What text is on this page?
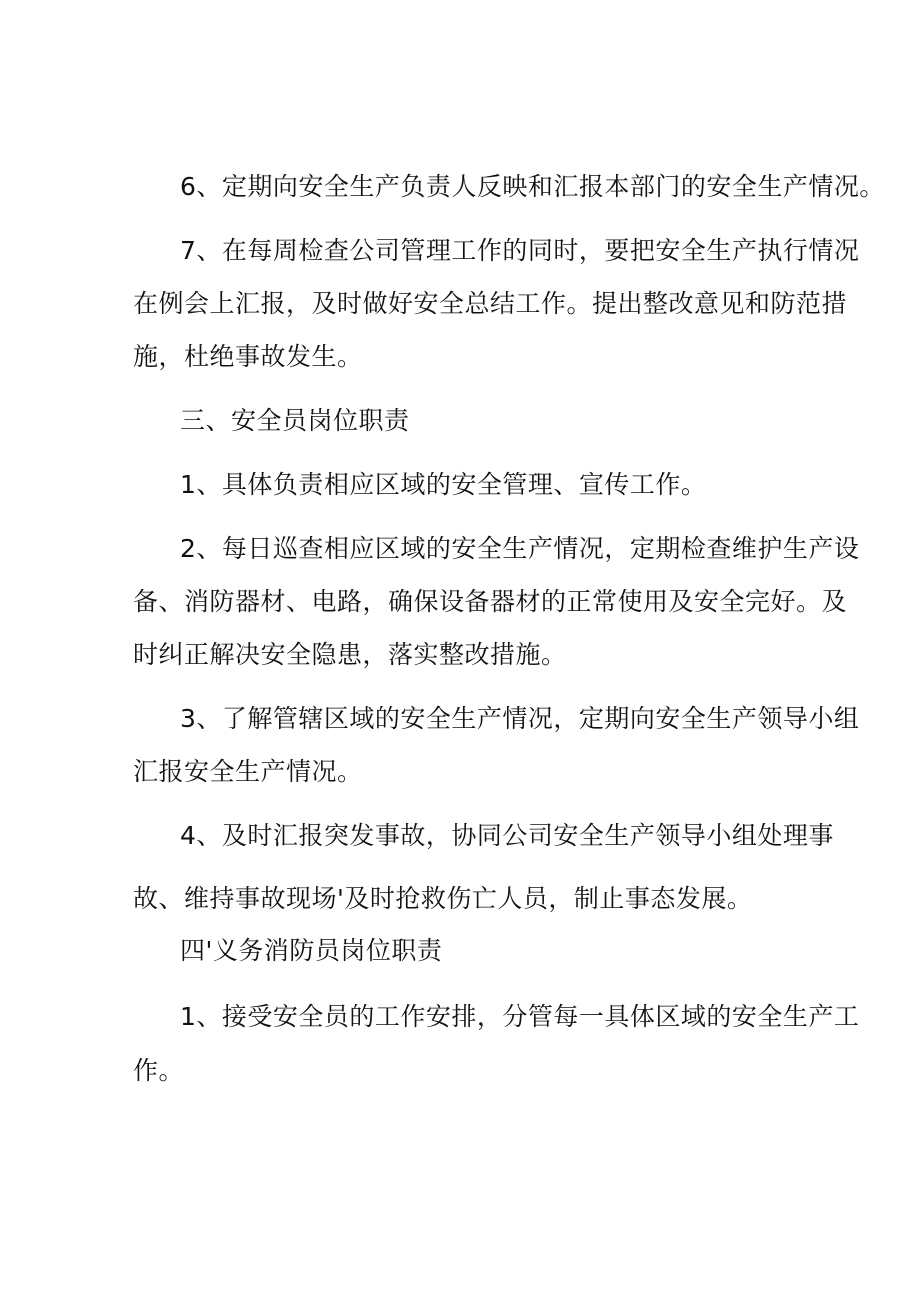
6、定期向安全生产负责人反映和汇报本部门的安全生产情况。
7、在每周检查公司管理工作的同时，要把安全生产执行情况
在例会上汇报，及时做好安全总结工作。提出整改意见和防范措
施，杜绝事故发生。
三、安全员岗位职责
1、具体负责相应区域的安全管理、宣传工作。
2、每日巡查相应区域的安全生产情况，定期检查维护生产设
备、消防器材、电路，确保设备器材的正常使用及安全完好。及
时纠正解决安全隐患，落实整改措施。
3、了解管辖区域的安全生产情况，定期向安全生产领导小组
汇报安全生产情况。
4、及时汇报突发事故，协同公司安全生产领导小组处理事
故、维持事故现场'及时抢救伤亡人员，制止事态发展。
四'义务消防员岗位职责
1、接受安全员的工作安排，分管每一具体区域的安全生产工
作。
